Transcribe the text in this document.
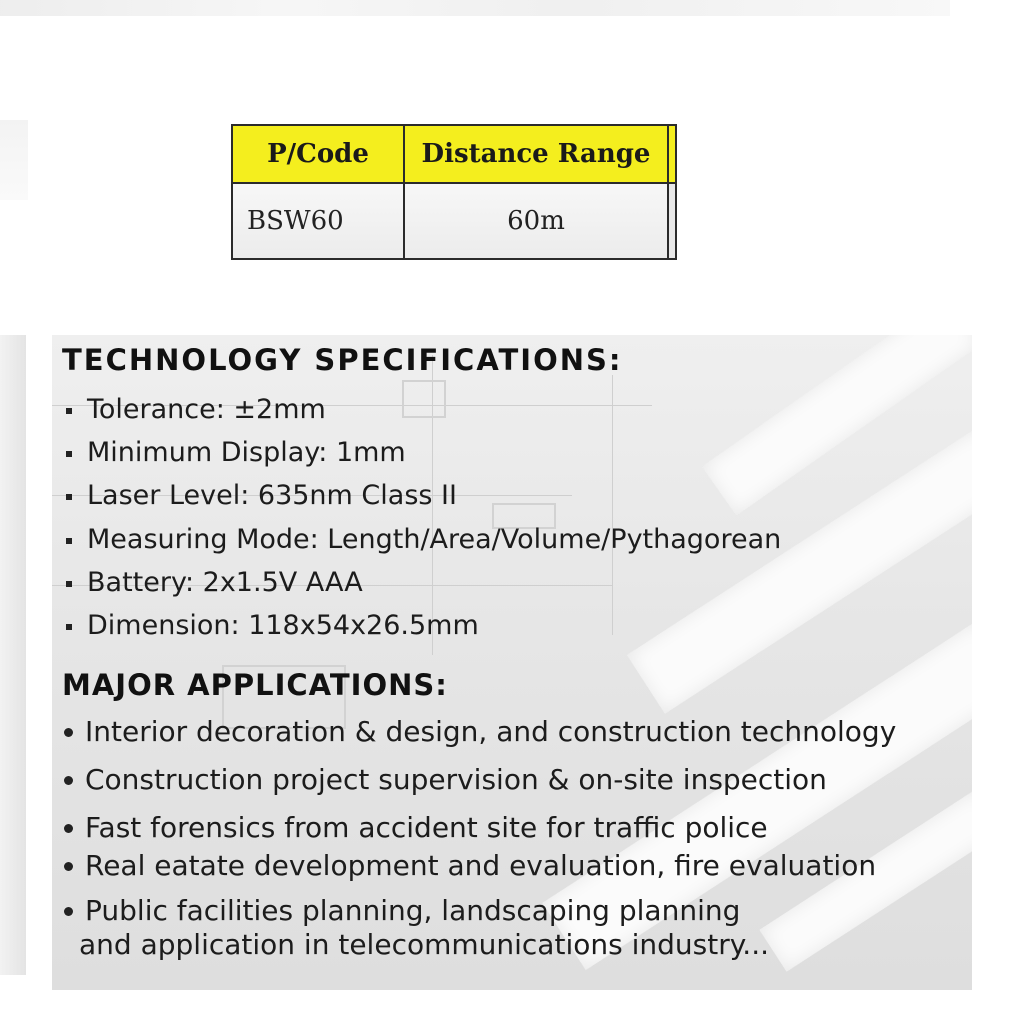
P/Code	Distance Range	
BSW60	60m	
TECHNOLOGY SPECIFICATIONS:
Tolerance: ±2mm
Minimum Display: 1mm
Laser Level: 635nm Class II
Measuring Mode: Length/Area/Volume/Pythagorean
Battery: 2x1.5V AAA
Dimension: 118x54x26.5mm
MAJOR APPLICATIONS:
Interior decoration & design, and construction technology
Construction project supervision & on-site inspection
Fast forensics from accident site for traffic police
Real eatate development and evaluation, fire evaluation
Public facilities planning, landscaping planning
and application in telecommunications industry...
